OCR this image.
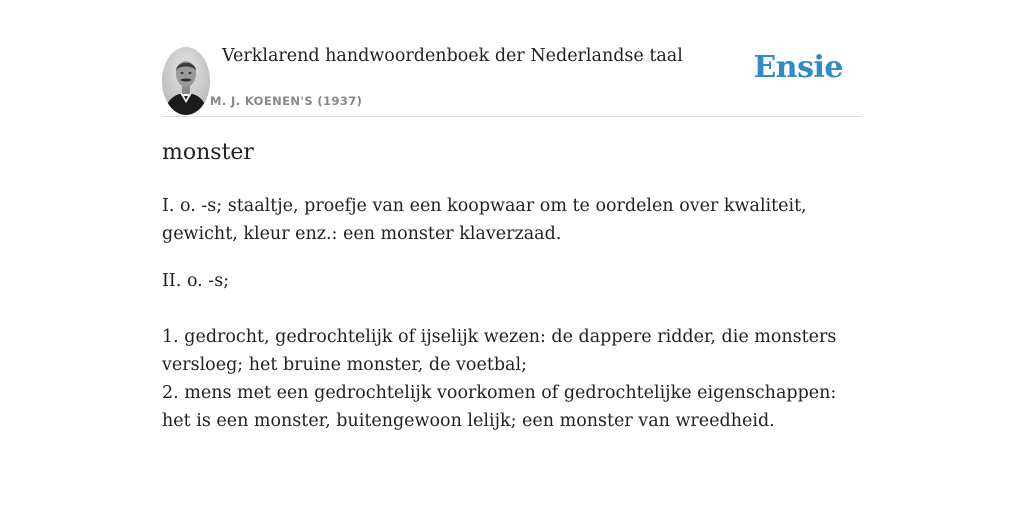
Verklarend handwoordenboek der Nederlandse taal
M. J. KOENEN'S (1937)
Ensie
monster

I. o. -s; staaltje, proefje van een koopwaar om te oordelen over kwaliteit, gewicht, kleur enz.: een monster klaverzaad.

II. o. -s;

1. gedrocht, gedrochtelijk of ijselijk wezen: de dappere ridder, die monsters versloeg; het bruine monster, de voetbal;

2. mens met een gedrochtelijk voorkomen of gedrochtelijke eigenschappen: het is een monster, buitengewoon lelijk; een monster van wreedheid.
